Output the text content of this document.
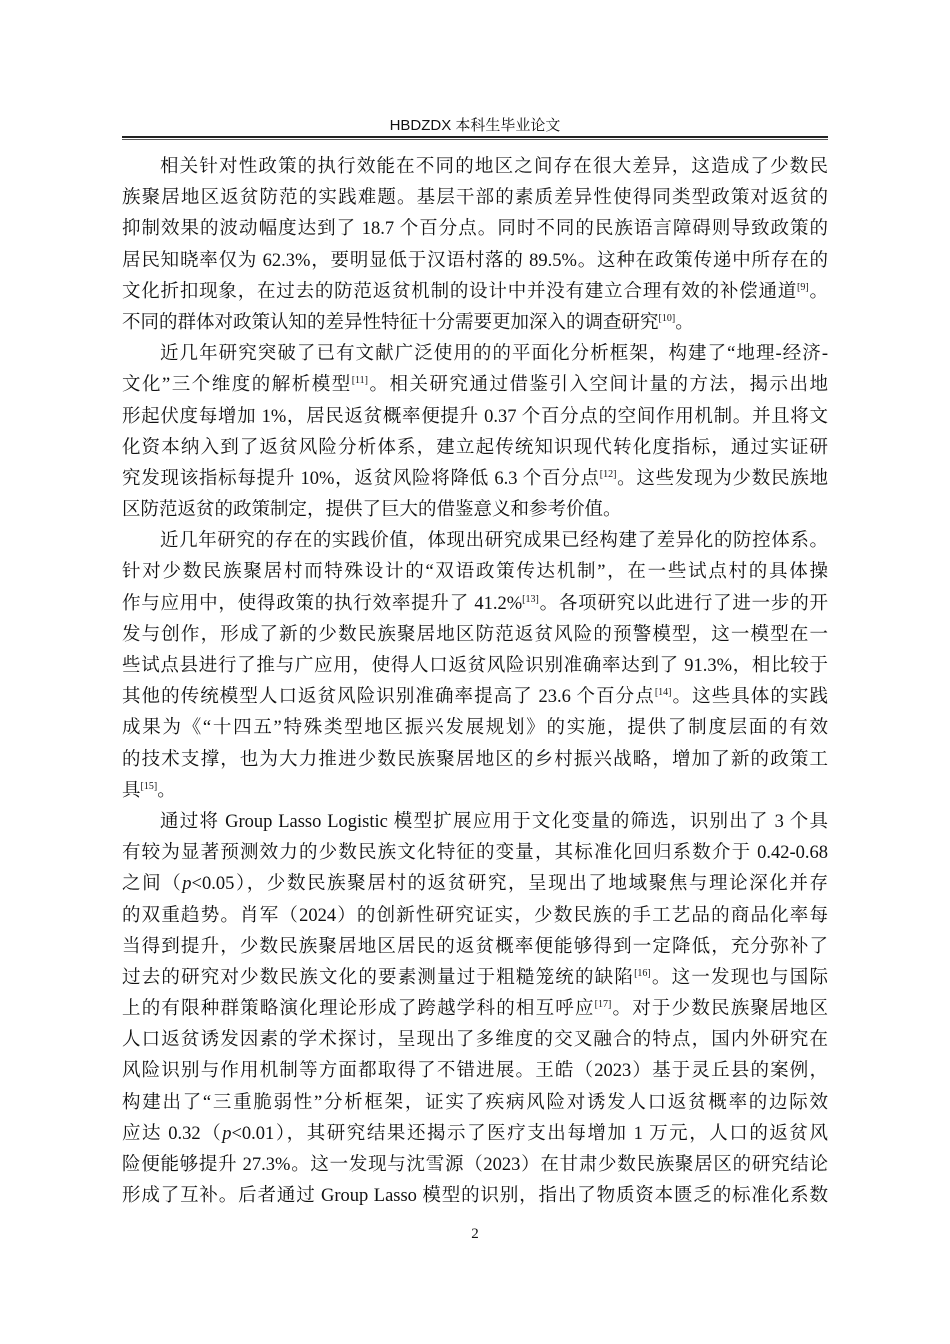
HBDZDX 本科生毕业论文
相关针对性政策的执行效能在不同的地区之间存在很大差异，这造成了少数民
族聚居地区返贫防范的实践难题。基层干部的素质差异性使得同类型政策对返贫的
抑制效果的波动幅度达到了 18.7 个百分点。同时不同的民族语言障碍则导致政策的
居民知晓率仅为 62.3%，要明显低于汉语村落的 89.5%。这种在政策传递中所存在的
文化折扣现象，在过去的防范返贫机制的设计中并没有建立合理有效的补偿通道[9]。
不同的群体对政策认知的差异性特征十分需要更加深入的调查研究[10]。
近几年研究突破了已有文献广泛使用的的平面化分析框架，构建了“地理-经济-
文化”三个维度的解析模型[11]。相关研究通过借鉴引入空间计量的方法，揭示出地
形起伏度每增加 1%，居民返贫概率便提升 0.37 个百分点的空间作用机制。并且将文
化资本纳入到了返贫风险分析体系，建立起传统知识现代转化度指标，通过实证研
究发现该指标每提升 10%，返贫风险将降低 6.3 个百分点[12]。这些发现为少数民族地
区防范返贫的政策制定，提供了巨大的借鉴意义和参考价值。
近几年研究的存在的实践价值，体现出研究成果已经构建了差异化的防控体系。
针对少数民族聚居村而特殊设计的“双语政策传达机制”，在一些试点村的具体操
作与应用中，使得政策的执行效率提升了 41.2%[13]。各项研究以此进行了进一步的开
发与创作，形成了新的少数民族聚居地区防范返贫风险的预警模型，这一模型在一
些试点县进行了推与广应用，使得人口返贫风险识别准确率达到了 91.3%，相比较于
其他的传统模型人口返贫风险识别准确率提高了 23.6 个百分点[14]。这些具体的实践
成果为《“十四五”特殊类型地区振兴发展规划》的实施，提供了制度层面的有效
的技术支撑，也为大力推进少数民族聚居地区的乡村振兴战略，增加了新的政策工
具[15]。
通过将 Group Lasso Logistic 模型扩展应用于文化变量的筛选，识别出了 3 个具
有较为显著预测效力的少数民族文化特征的变量，其标准化回归系数介于 0.42-0.68
之间（p<0.05），少数民族聚居村的返贫研究，呈现出了地域聚焦与理论深化并存
的双重趋势。肖军（2024）的创新性研究证实，少数民族的手工艺品的商品化率每
当得到提升，少数民族聚居地区居民的返贫概率便能够得到一定降低，充分弥补了
过去的研究对少数民族文化的要素测量过于粗糙笼统的缺陷[16]。这一发现也与国际
上的有限种群策略演化理论形成了跨越学科的相互呼应[17]。对于少数民族聚居地区
人口返贫诱发因素的学术探讨，呈现出了多维度的交叉融合的特点，国内外研究在
风险识别与作用机制等方面都取得了不错进展。王皓（2023）基于灵丘县的案例，
构建出了“三重脆弱性”分析框架，证实了疾病风险对诱发人口返贫概率的边际效
应达 0.32（p<0.01），其研究结果还揭示了医疗支出每增加 1 万元，人口的返贫风
险便能够提升 27.3%。这一发现与沈雪源（2023）在甘肃少数民族聚居区的研究结论
形成了互补。后者通过 Group Lasso 模型的识别，指出了物质资本匮乏的标准化系数
2
